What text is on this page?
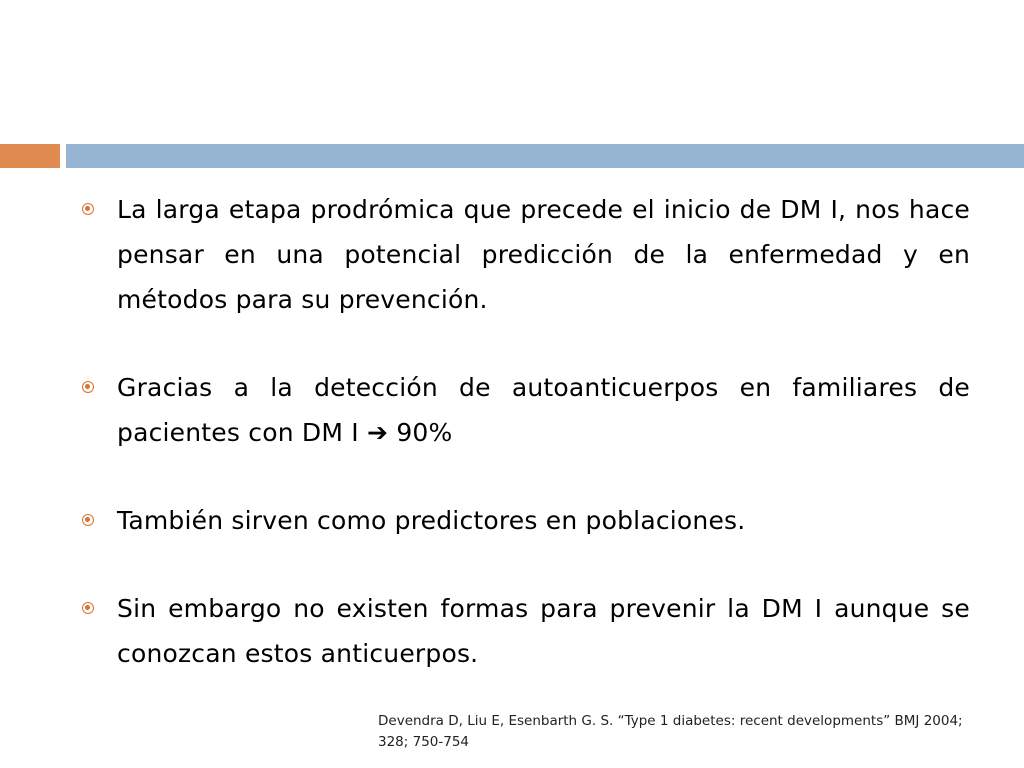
La larga etapa prodrómica que precede el inicio de DM I, nos hace pensar en una potencial predicción de la enfermedad y en métodos para su prevención.
Gracias a la detección de autoanticuerpos en familiares de pacientes con DM I ➔ 90%
También sirven como predictores en poblaciones.
Sin embargo no existen formas para prevenir la DM I aunque se conozcan estos anticuerpos.
Devendra D, Liu E, Esenbarth G. S. “Type 1 diabetes: recent developments” BMJ 2004; 328; 750-754
